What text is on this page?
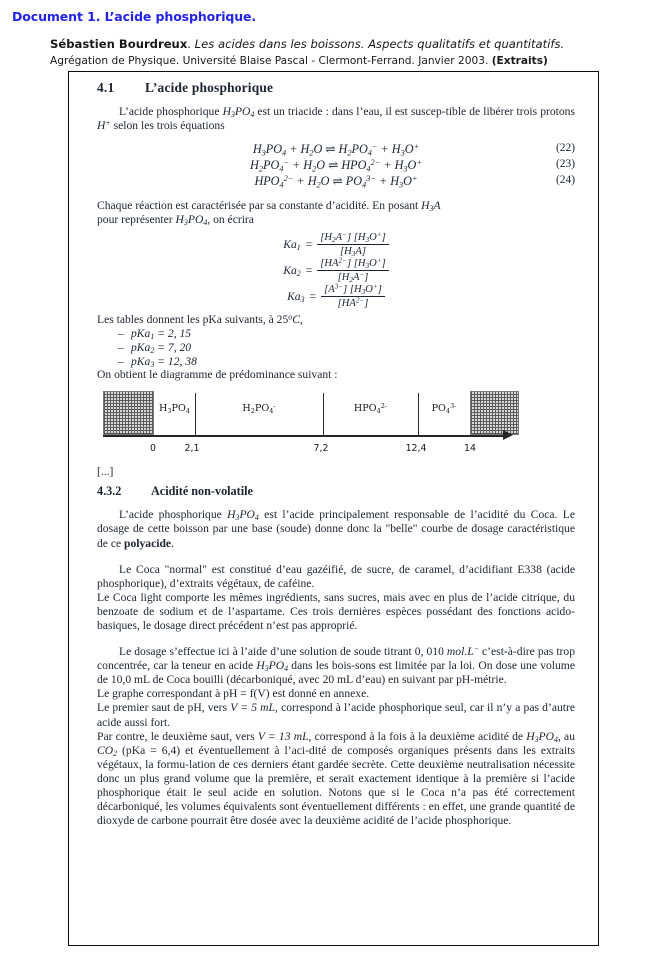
Document 1. L’acide phosphorique.
Sébastien Bourdreux. Les acides dans les boissons. Aspects qualitatifs et quantitatifs.
Agrégation de Physique. Université Blaise Pascal - Clermont-Ferrand. Janvier 2003. (Extraits)
4.1 L’acide phosphorique

L’acide phosphorique $H_3PO_4$ est un triacide : dans l’eau, il est suscep‑tible de libérer trois protons H+ selon les trois équations

$H_3PO_4 + H_2O$ ⇌ $H_2PO_4^- + H_3O^+$	(22)
$H_2PO_4^- + H_2O$ ⇌ $HPO_4^{2-} + H_3O^+$	(23)
$HPO_4^{2-} + H_2O$ ⇌ $PO_4^{3-} + H_3O^+$	(24)

Chaque réaction est caractérisée par sa constante d’acidité. En posant $H_3A$
pour représenter $H_3PO_4$, on écrira

$Ka_1 = \frac{[H_2A^-] [H_3O^+]}{[H_3A]}$
$Ka_2 = \frac{[HA^{2-}] [H_3O^+]}{[H_2A^-]}$
$Ka_3 = \frac{[A^{3-}] [H_3O^+]}{[HA^{2-}]}$

Les tables donnent les pKa suivants, à 25$^o$C,

– pKa$_1$ = 2, 15
– pKa$_2$ = 7, 20
– pKa$_3$ = 12, 38

On obtient le diagramme de prédominance suivant :

$H_3PO_4$	$H_2PO_4^-$	$HPO_4^{2-}$	$PO_4^{3-}$
0	2,1	7,2	12,4	14
[...]
4.3.2 Acidité non-volatile

L’acide phosphorique $H_3PO_4$ est l’acide principalement responsable de l’acidité du Coca. Le dosage de cette boisson par une base (soude) donne donc la "belle" courbe de dosage caractéristique de ce polyacide.

Le Coca "normal" est constitué d’eau gazéifié, de sucre, de caramel, d’acidifiant E338 (acide phosphorique), d’extraits végétaux, de caféine.
Le Coca light comporte les mêmes ingrédients, sans sucres, mais avec en plus de l’acide citrique, du benzoate de sodium et de l’aspartame. Ces trois dernières espèces possédant des fonctions acido-basiques, le dosage direct précédent n’est pas approprié.

Le dosage s’effectue ici à l’aide d’une solution de soude titrant 0, 010 mol.L− c’est-à-dire pas trop concentrée, car la teneur en acide $H_3PO_4$ dans les bois‑sons est limitée par la loi. On dose une volume de 10,0 mL de Coca bouilli (décarboniqué, avec 20 mL d’eau) en suivant par pH-métrie.
Le graphe correspondant à pH = f(V) est donné en annexe.
Le premier saut de pH, vers V = 5 mL, correspond à l’acide phosphorique seul, car il n’y a pas d’autre acide aussi fort.
Par contre, le deuxième saut, vers V = 13 mL, correspond à la fois à la deuxième acidité de $H_3PO_4$, au $CO_2$ (pKa = 6,4) et éventuellement à l’aci‑dité de composés organiques présents dans les extraits végétaux, la formu‑lation de ces derniers étant gardée secrète. Cette deuxième neutralisation nécessite donc un plus grand volume que la première, et serait exactement identique à la première si l’acide phosphorique était le seul acide en solution. Notons que si le Coca n’a pas été correctement décarboniqué, les volumes équivalents sont éventuellement différents : en effet, une grande quantité de dioxyde de carbone pourrait être dosée avec la deuxième acidité de l’acide phosphorique.
